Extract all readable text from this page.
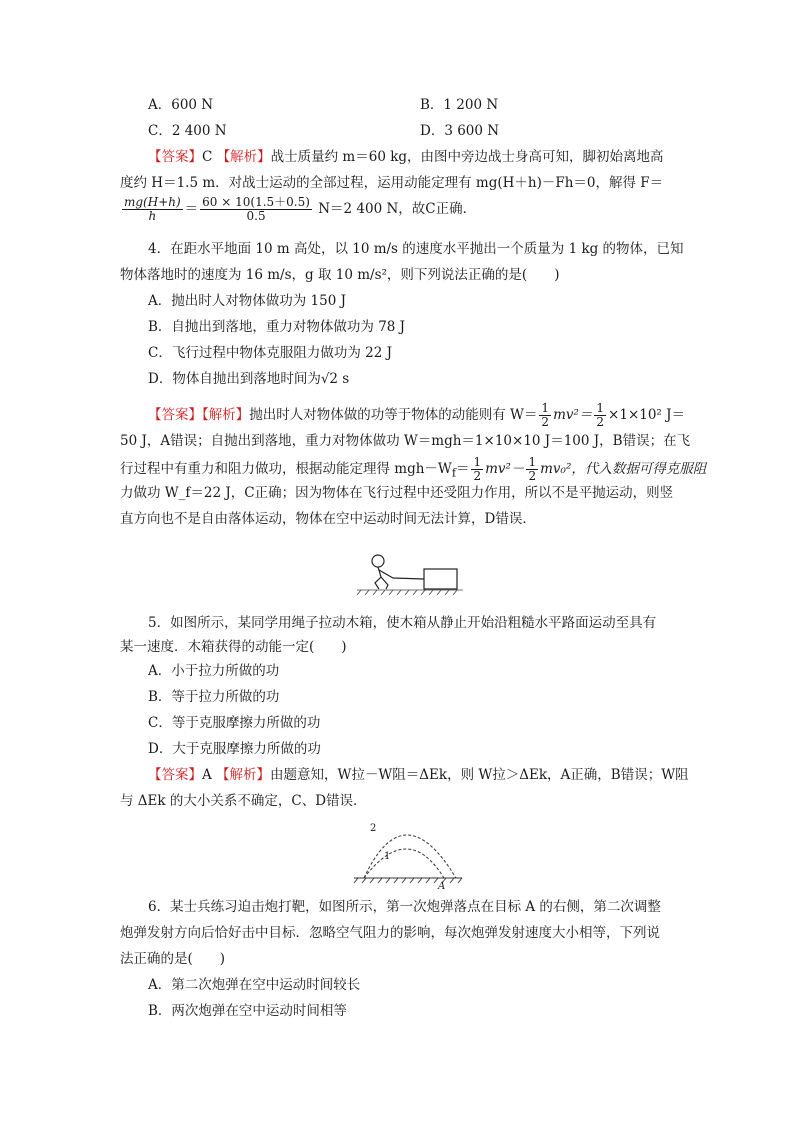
A．600 N	B．1 200 N
C．2 400 N	D．3 600 N
【答案】C 【解析】战士质量约 m＝60 kg，由图中旁边战士身高可知，脚初始离地高
度约 H＝1.5 m．对战士运动的全部过程，运用动能定理有 mg(H＋h)－Fh＝0，解得 F＝
$\frac{mg(H+h)}{h} = \frac{60 \times 10(1.5+0.5)}{0.5} N=2$ 400 N，故C正确．
4．在距水平地面 10 m 高处，以 10 m/s 的速度水平抛出一个质量为 1 kg 的物体，已知
物体落地时的速度为 16 m/s，g 取 10 m/s²，则下列说法正确的是(　　)
A．抛出时人对物体做功为 150 J
B．自抛出到落地，重力对物体做功为 78 J
C．飞行过程中物体克服阻力做功为 22 J
D．物体自抛出到落地时间为√2 s
【答案】【解析】抛出时人对物体做的功等于物体的动能则有 $W= \frac{1}{2} mv^2= \frac{1}{2} \times 1\times 10^2$ J＝
50 J，A错误；自抛出到落地，重力对物体做功 W＝mgh＝1×10×10 J＝100 J，B错误；在飞
行过程中有重力和阻力做功，根据动能定理得 $mgh-W_f= \frac{1}{2} mv^2- \frac{1}{2} mv_0^2$，代入数据可得克服阻
力做功 W_f＝22 J，C正确；因为物体在飞行过程中还受阻力作用，所以不是平抛运动，则竖
直方向也不是自由落体运动，物体在空中运动时间无法计算，D错误．
5．如图所示，某同学用绳子拉动木箱，使木箱从静止开始沿粗糙水平路面运动至具有
某一速度．木箱获得的动能一定(　　)
A．小于拉力所做的功
B．等于拉力所做的功
C．等于克服摩擦力所做的功
D．大于克服摩擦力所做的功
【答案】A 【解析】由题意知，W拉－W阻＝ΔEk，则 W拉＞ΔEk，A正确，B错误；W阻
与 ΔEk 的大小关系不确定，C、D错误．
2
1
A
6．某士兵练习迫击炮打靶，如图所示，第一次炮弹落点在目标 A 的右侧，第二次调整
炮弹发射方向后恰好击中目标．忽略空气阻力的影响，每次炮弹发射速度大小相等，下列说
法正确的是(　　)
A．第二次炮弹在空中运动时间较长
B．两次炮弹在空中运动时间相等
